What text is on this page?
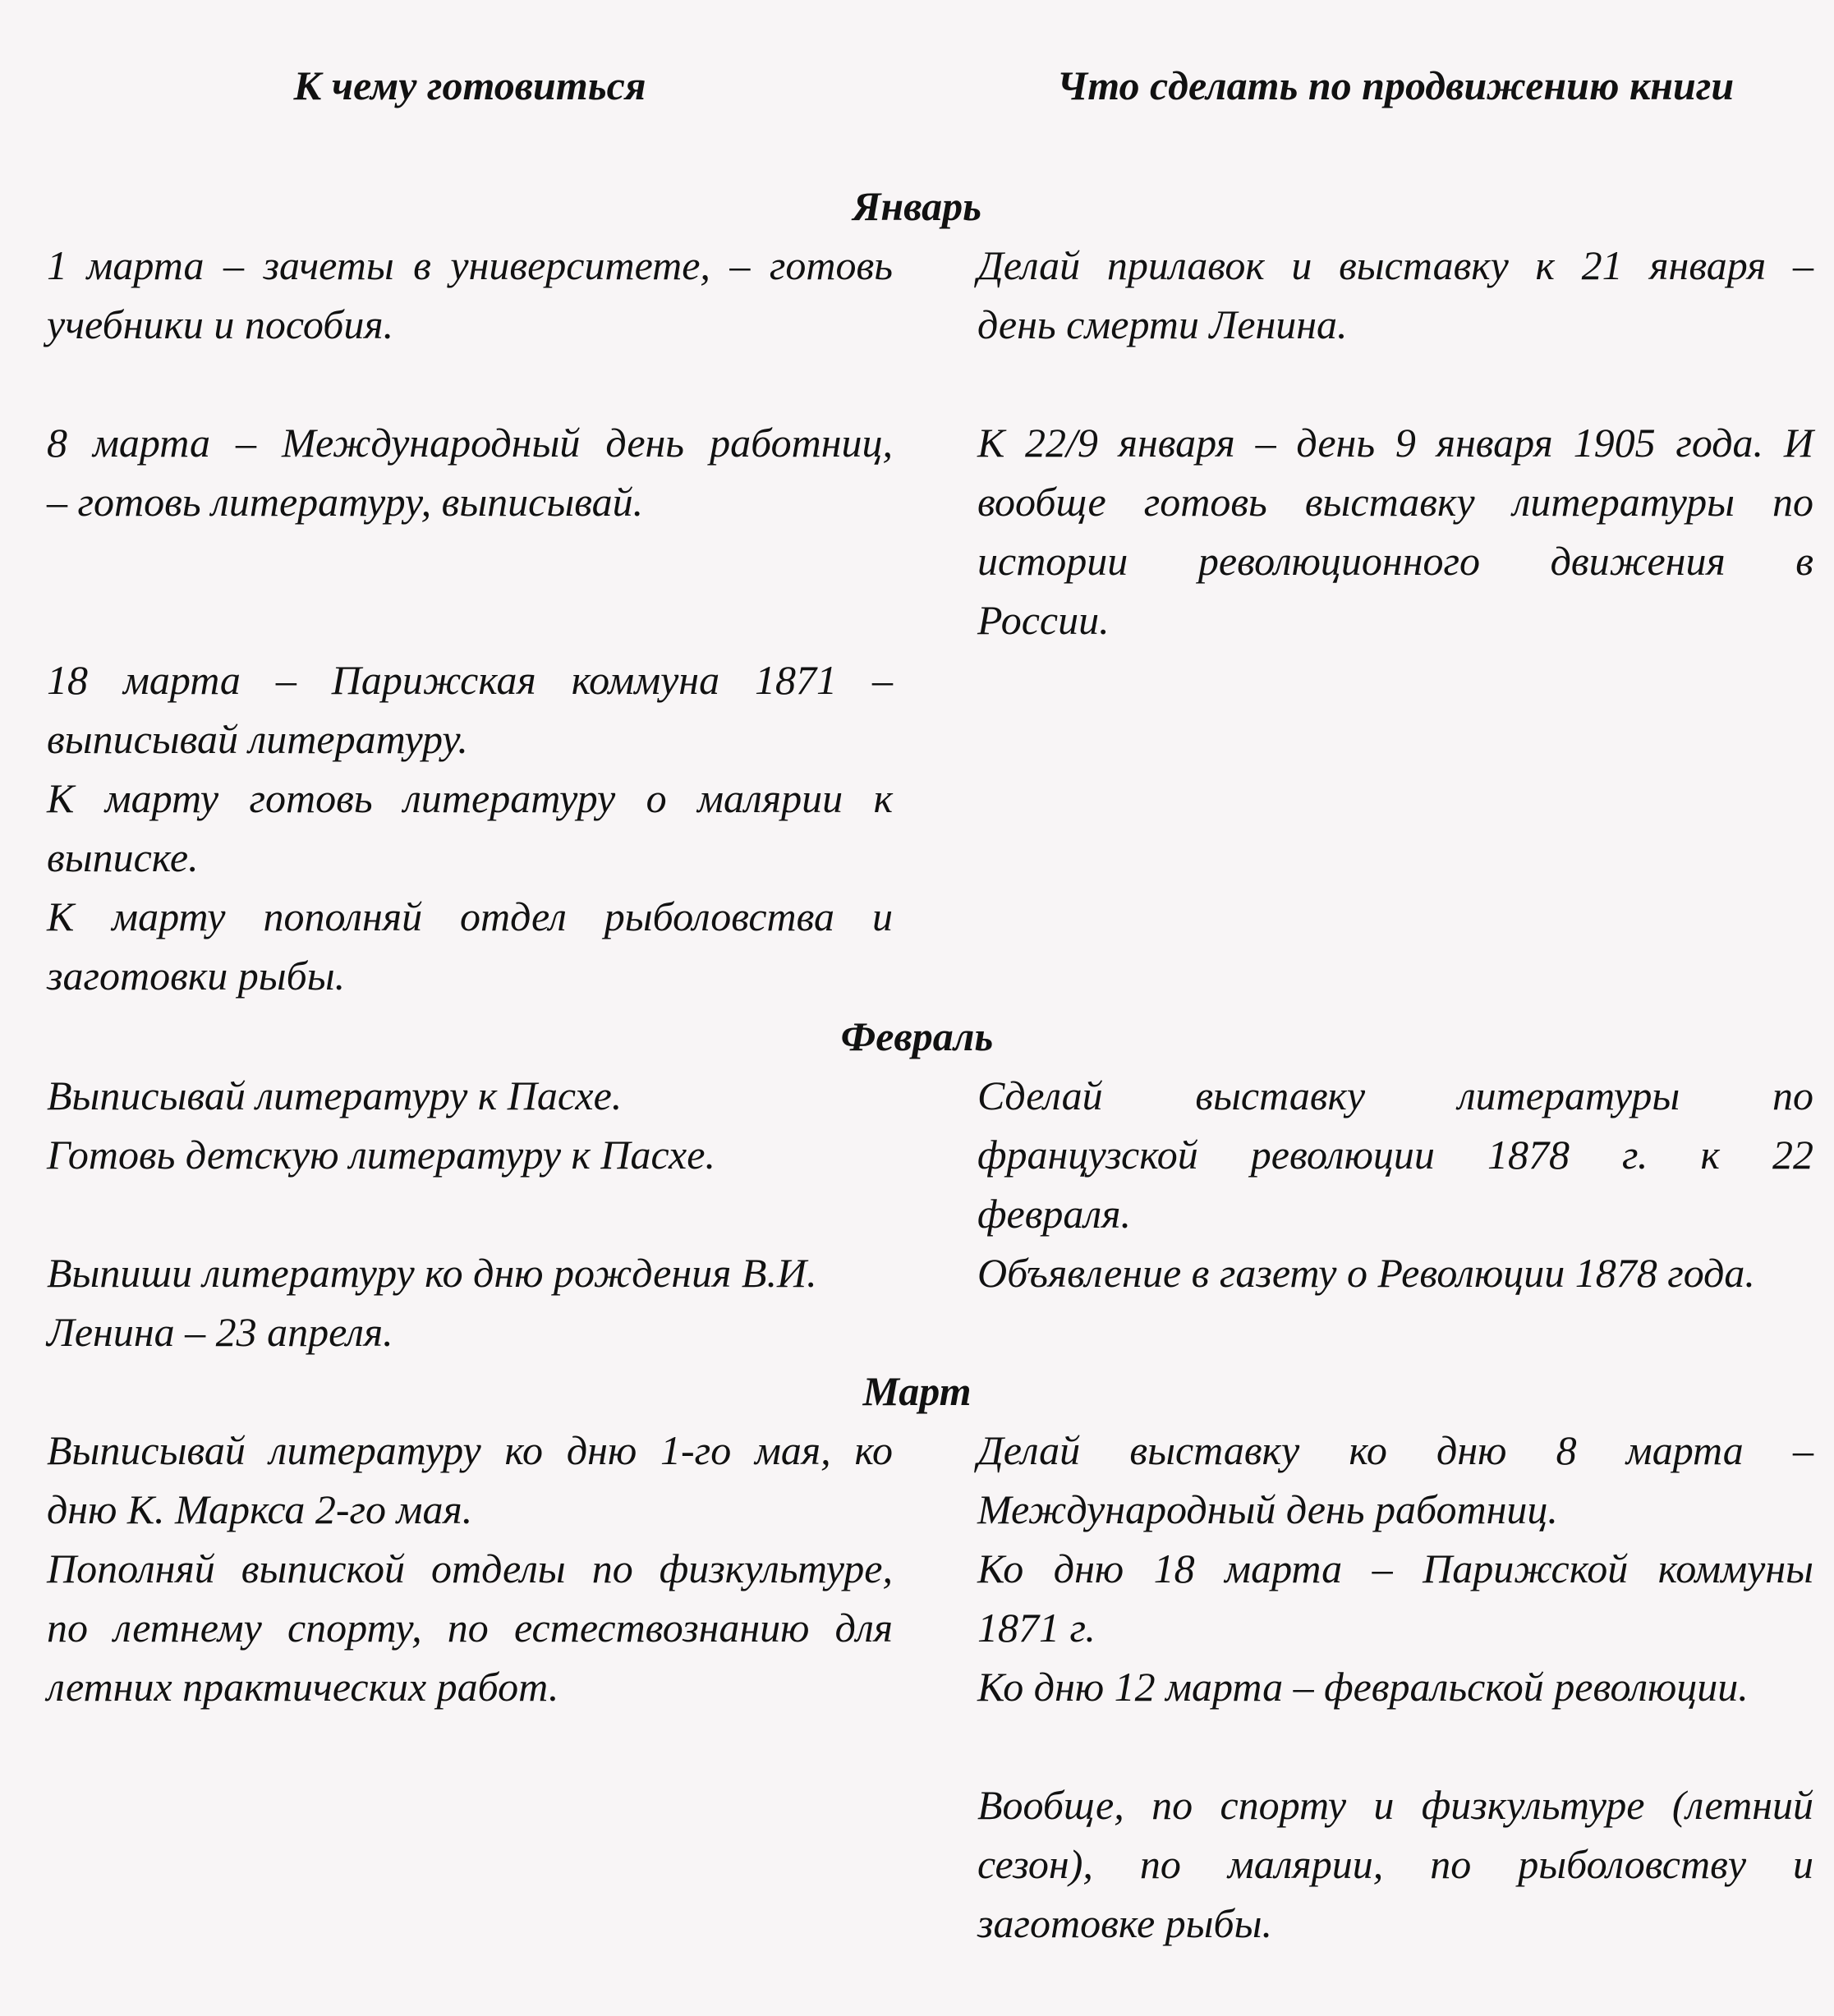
К чему готовиться	Что сделать по продвижению книги
Январь
Февраль
Март
1 марта – зачеты в университете, – готовь
учебники и пособия.
8 марта – Международный день работниц,
– готовь литературу, выписывай.
18 марта – Парижская коммуна 1871 –
выписывай литературу.
К марту готовь литературу о малярии к
выписке.
К марту пополняй отдел рыболовства и
заготовки рыбы.
Делай прилавок и выставку к 21 января –
день смерти Ленина.
К 22/9 января – день 9 января 1905 года. И
вообще готовь выставку литературы по
истории революционного движения в
России.
Выписывай литературу к Пасхе.
Готовь детскую литературу к Пасхе.
Выпиши литературу ко дню рождения В.И.
Ленина – 23 апреля.
Сделай выставку литературы по
французской революции 1878 г. к 22
февраля.
Объявление в газету о Революции 1878 года.
Выписывай литературу ко дню 1-го мая, ко
дню К. Маркса 2-го мая.
Пополняй выпиской отделы по физкультуре,
по летнему спорту, по естествознанию для
летних практических работ.
Делай выставку ко дню 8 марта –
Международный день работниц.
Ко дню 18 марта – Парижской коммуны
1871 г.
Ко дню 12 марта – февральской революции.
Вообще, по спорту и физкультуре (летний
сезон), по малярии, по рыболовству и
заготовке рыбы.
